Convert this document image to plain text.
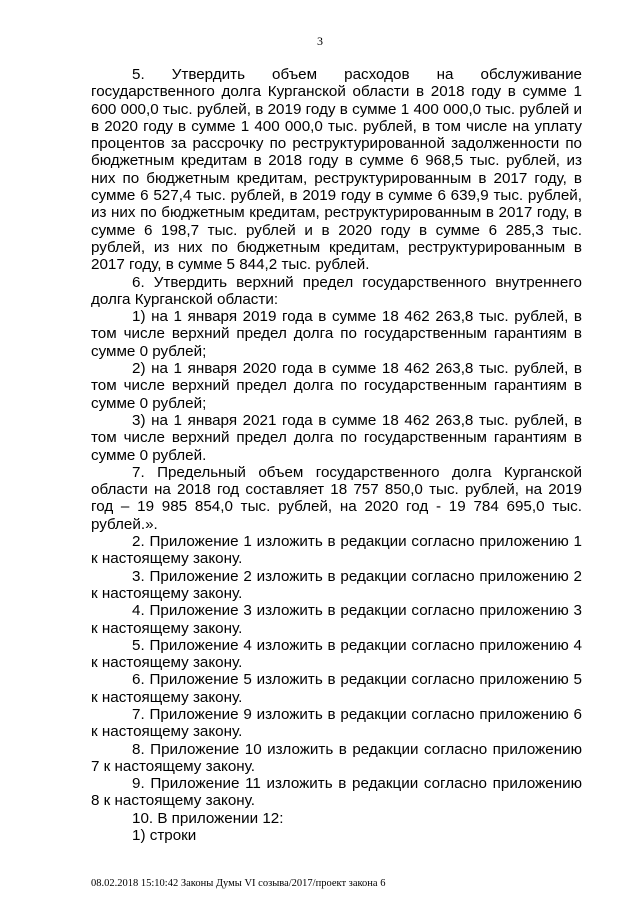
3

5. Утвердить объем расходов на обслуживание государственного долга Курганской области в 2018 году в сумме 1 600 000,0 тыс. рублей, в 2019 году в сумме 1 400 000,0 тыс. рублей и в 2020 году в сумме 1 400 000,0 тыс. рублей, в том числе на уплату процентов за рассрочку по реструктурированной задолженности по бюджетным кредитам в 2018 году в сумме 6 968,5 тыс. рублей, из них по бюджетным кредитам, реструктурированным в 2017 году, в сумме 6 527,4 тыс. рублей, в 2019 году в сумме 6 639,9 тыс. рублей, из них по бюджетным кредитам, реструктурированным в 2017 году, в сумме 6 198,7 тыс. рублей и в 2020 году в сумме 6 285,3 тыс. рублей, из них по бюджетным кредитам, реструктурированным в 2017 году, в сумме 5 844,2 тыс. рублей.

6. Утвердить верхний предел государственного внутреннего долга Курганской области:

1) на 1 января 2019 года в сумме 18 462 263,8 тыс. рублей, в том числе верхний предел долга по государственным гарантиям в сумме 0 рублей;

2) на 1 января 2020 года в сумме 18 462 263,8 тыс. рублей, в том числе верхний предел долга по государственным гарантиям в сумме 0 рублей;

3) на 1 января 2021 года в сумме 18 462 263,8 тыс. рублей, в том числе верхний предел долга по государственным гарантиям в сумме 0 рублей.

7. Предельный объем государственного долга Курганской области на 2018 год составляет 18 757 850,0 тыс. рублей, на 2019 год – 19 985 854,0 тыс. рублей, на 2020 год - 19 784 695,0 тыс. рублей.».

2. Приложение 1 изложить в редакции согласно приложению 1 к настоящему закону.

3. Приложение 2 изложить в редакции согласно приложению 2 к настоящему закону.

4. Приложение 3 изложить в редакции согласно приложению 3 к настоящему закону.

5. Приложение 4 изложить в редакции согласно приложению 4 к настоящему закону.

6. Приложение 5 изложить в редакции согласно приложению 5 к настоящему закону.

7. Приложение 9 изложить в редакции согласно приложению 6 к настоящему закону.

8. Приложение 10 изложить в редакции согласно приложению 7 к настоящему закону.

9. Приложение 11 изложить в редакции согласно приложению 8 к настоящему закону.

10. В приложении 12:

1) строки

08.02.2018 15:10:42 Законы Думы VI созыва/2017/проект закона 6
